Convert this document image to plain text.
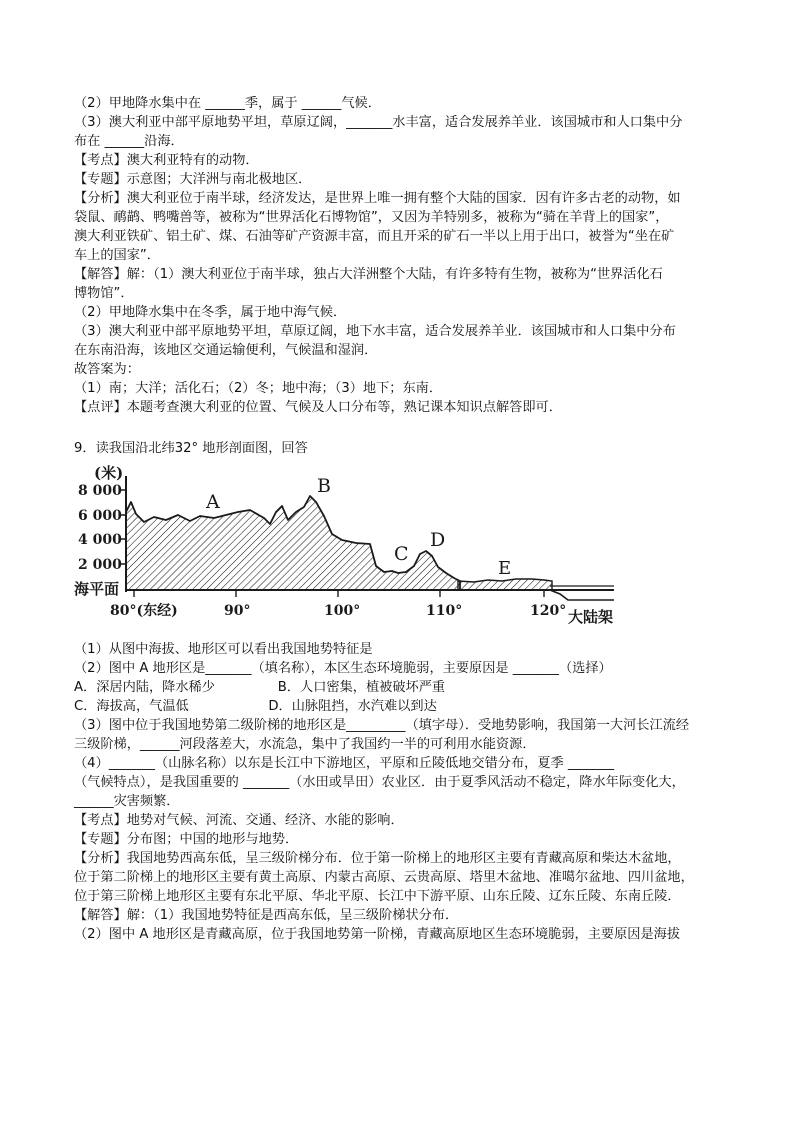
（2）甲地降水集中在 ______季，属于 ______气候．
（3）澳大利亚中部平原地势平坦，草原辽阔，_______水丰富，适合发展养羊业．该国城市和人口集中分
布在 ______沿海．
【考点】澳大利亚特有的动物．
【专题】示意图；大洋洲与南北极地区．
【分析】澳大利亚位于南半球，经济发达，是世界上唯一拥有整个大陆的国家．因有许多古老的动物，如
袋鼠、鸸鹋、鸭嘴兽等，被称为“世界活化石博物馆”，又因为羊特别多，被称为“骑在羊背上的国家”，
澳大利亚铁矿、铝土矿、煤、石油等矿产资源丰富，而且开采的矿石一半以上用于出口，被誉为“坐在矿
车上的国家”．
【解答】解：（1）澳大利亚位于南半球，独占大洋洲整个大陆，有许多特有生物，被称为“世界活化石
博物馆”．
（2）甲地降水集中在冬季，属于地中海气候．
（3）澳大利亚中部平原地势平坦，草原辽阔，地下水丰富，适合发展养羊业．该国城市和人口集中分布
在东南沿海，该地区交通运输便利，气候温和湿润．
故答案为：
（1）南；大洋；活化石；（2）冬；地中海；（3）地下；东南．
【点评】本题考查澳大利亚的位置、气候及人口分布等，熟记课本知识点解答即可．
9．读我国沿北纬32° 地形剖面图，回答
(米)
8 000
6 000
4 000
2 000
海平面
80°(东经)	90°	100°	110°	120° 大陆架
A
B
C
D
E
（1）从图中海拔、地形区可以看出我国地势特征是
（2）图中 A 地形区是_______（填名称），本区生态环境脆弱，主要原因是 _______（选择）
A．深居内陆，降水稀少               B．人口密集，植被破坏严重
C．海拔高，气温低                   D．山脉阻挡，水汽难以到达
（3）图中位于我国地势第二级阶梯的地形区是_________（填字母）．受地势影响，我国第一大河长江流经
三级阶梯，______河段落差大，水流急，集中了我国约一半的可利用水能资源．
（4）_______（山脉名称）以东是长江中下游地区，平原和丘陵低地交错分布，夏季 _______
（气候特点），是我国重要的 _______（水田或旱田）农业区．由于夏季风活动不稳定，降水年际变化大，
______灾害频繁．
【考点】地势对气候、河流、交通、经济、水能的影响．
【专题】分布图；中国的地形与地势．
【分析】我国地势西高东低，呈三级阶梯分布．位于第一阶梯上的地形区主要有青藏高原和柴达木盆地，
位于第二阶梯上的地形区主要有黄土高原、内蒙古高原、云贵高原、塔里木盆地、准噶尔盆地、四川盆地，
位于第三阶梯上地形区主要有东北平原、华北平原、长江中下游平原、山东丘陵、辽东丘陵、东南丘陵．
【解答】解：（1）我国地势特征是西高东低，呈三级阶梯状分布．
（2）图中 A 地形区是青藏高原，位于我国地势第一阶梯，青藏高原地区生态环境脆弱，主要原因是海拔
